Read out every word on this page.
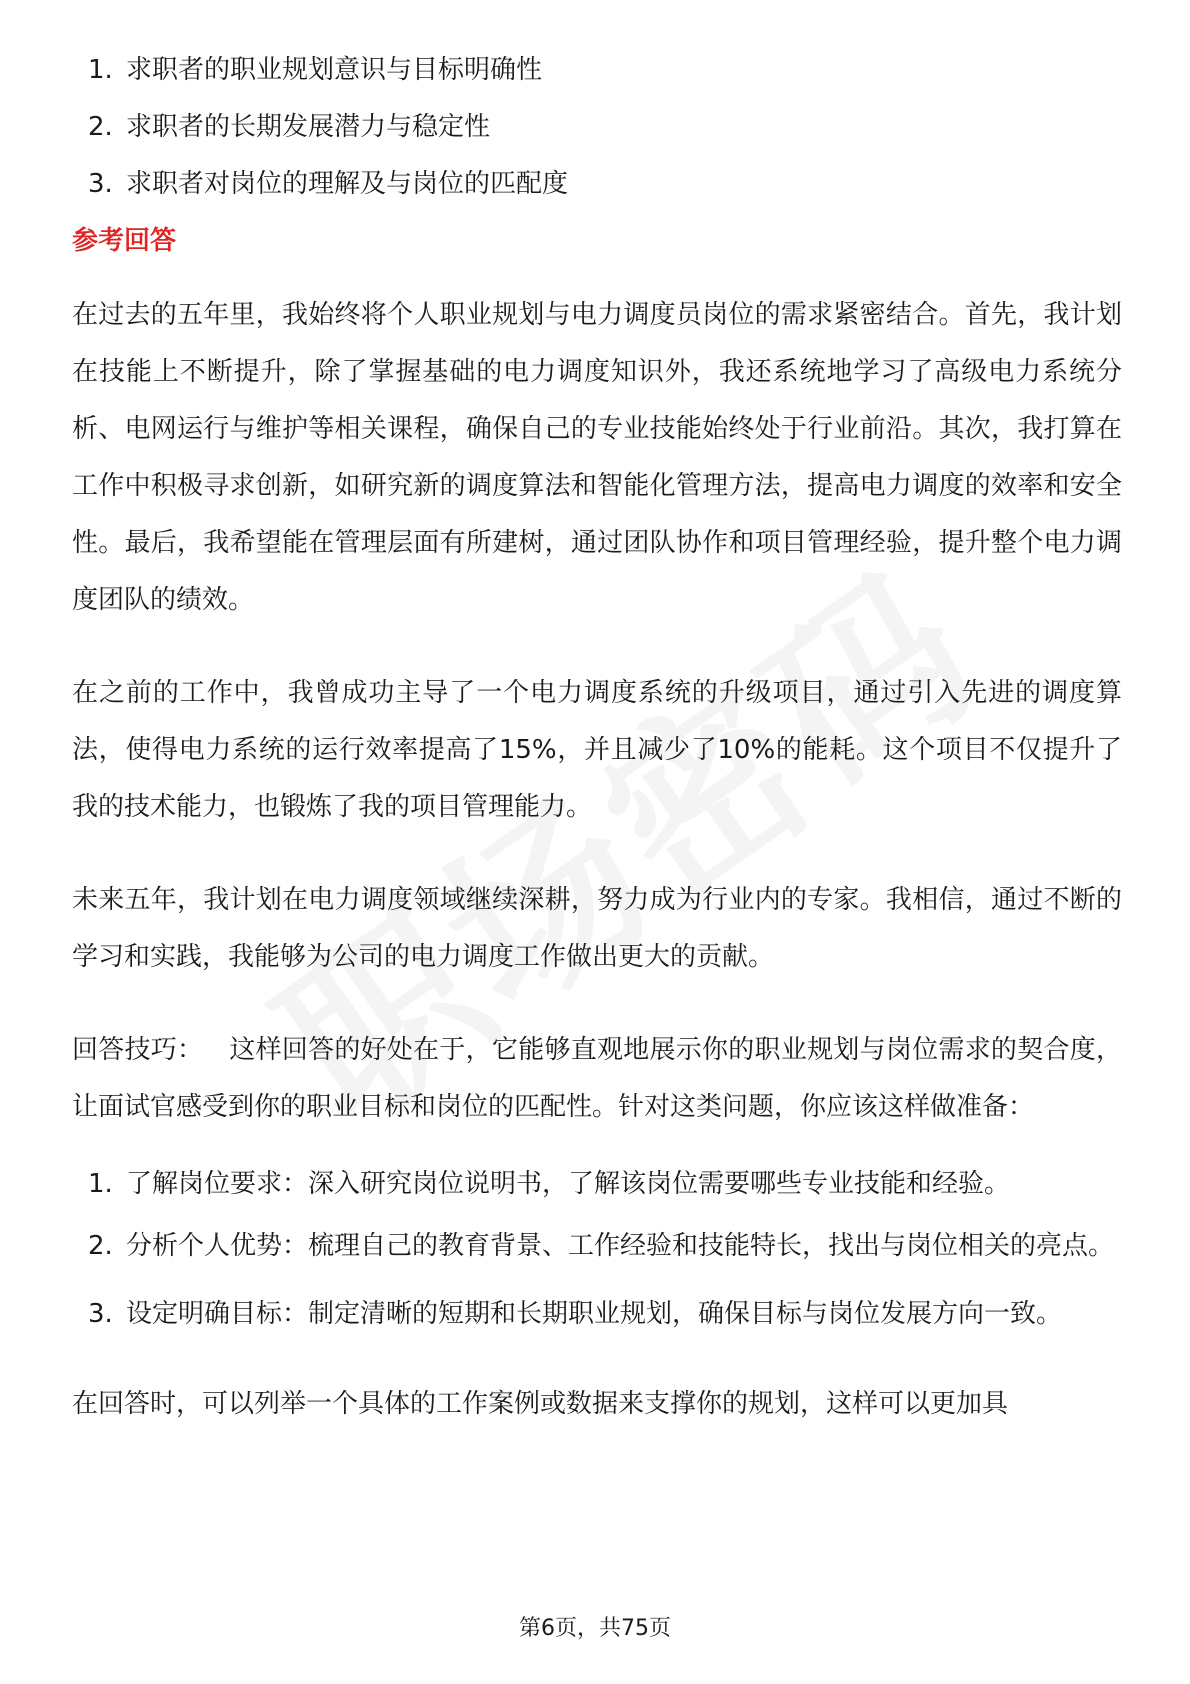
1. 求职者的职业规划意识与目标明确性
2. 求职者的长期发展潜力与稳定性
3. 求职者对岗位的理解及与岗位的匹配度
参考回答

在过去的五年里，我始终将个人职业规划与电力调度员岗位的需求紧密结合。首先，我计划在技能上不断提升，除了掌握基础的电力调度知识外，我还系统地学习了高级电力系统分析、电网运行与维护等相关课程，确保自己的专业技能始终处于行业前沿。其次，我打算在工作中积极寻求创新，如研究新的调度算法和智能化管理方法，提高电力调度的效率和安全性。最后，我希望能在管理层面有所建树，通过团队协作和项目管理经验，提升整个电力调度团队的绩效。

在之前的工作中，我曾成功主导了一个电力调度系统的升级项目，通过引入先进的调度算法，使得电力系统的运行效率提高了15%，并且减少了10%的能耗。这个项目不仅提升了我的技术能力，也锻炼了我的项目管理能力。

未来五年，我计划在电力调度领域继续深耕，努力成为行业内的专家。我相信，通过不断的学习和实践，我能够为公司的电力调度工作做出更大的贡献。

回答技巧： 这样回答的好处在于，它能够直观地展示你的职业规划与岗位需求的契合度，让面试官感受到你的职业目标和岗位的匹配性。针对这类问题，你应该这样做准备：

1. 了解岗位要求：深入研究岗位说明书，了解该岗位需要哪些专业技能和经验。
2. 分析个人优势：梳理自己的教育背景、工作经验和技能特长，找出与岗位相关的亮点。
3. 设定明确目标：制定清晰的短期和长期职业规划，确保目标与岗位发展方向一致。

在回答时，可以列举一个具体的工作案例或数据来支撑你的规划，这样可以更加具

第6页，共75页
